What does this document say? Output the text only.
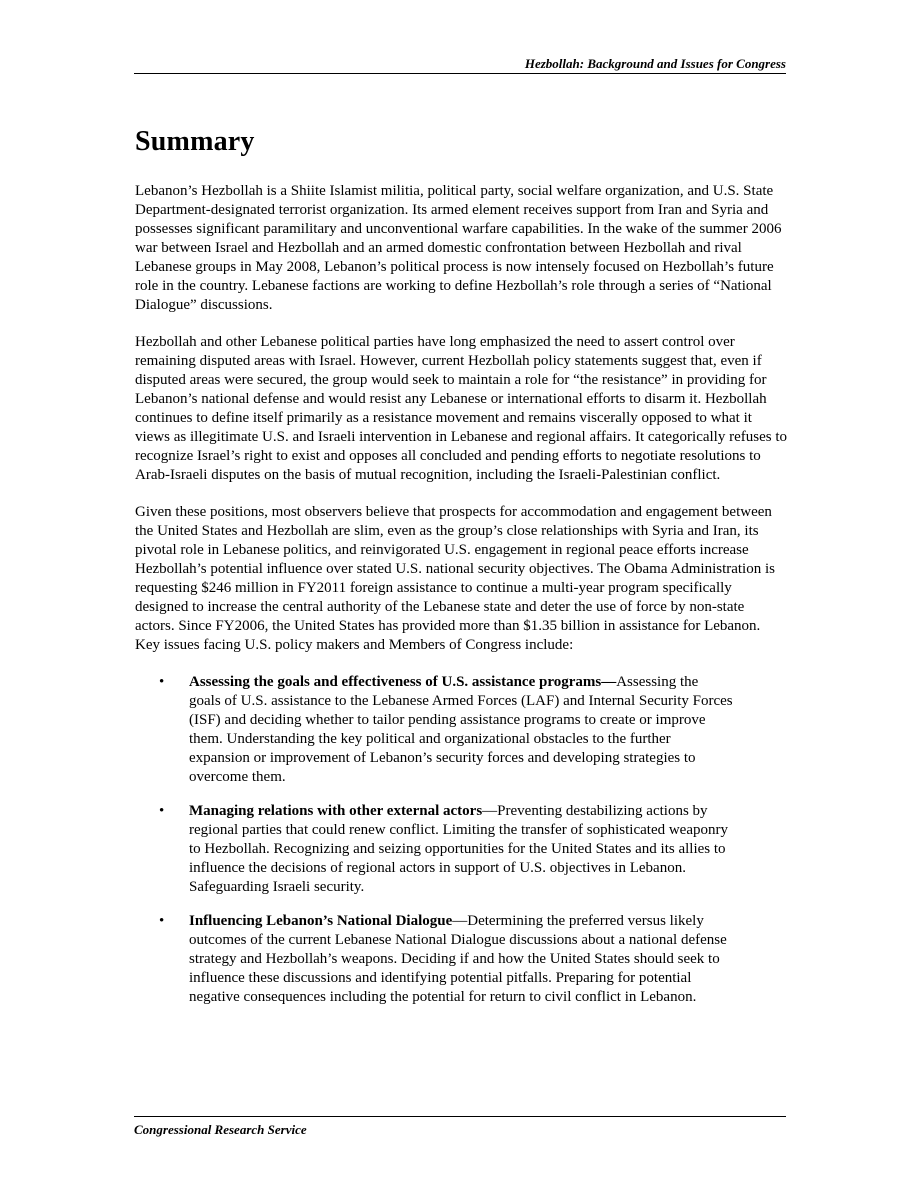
Hezbollah: Background and Issues for Congress
Summary

Lebanon’s Hezbollah is a Shiite Islamist militia, political party, social welfare organization, and U.S. State Department-designated terrorist organization. Its armed element receives support from Iran and Syria and possesses significant paramilitary and unconventional warfare capabilities. In the wake of the summer 2006 war between Israel and Hezbollah and an armed domestic confrontation between Hezbollah and rival Lebanese groups in May 2008, Lebanon’s political process is now intensely focused on Hezbollah’s future role in the country. Lebanese factions are working to define Hezbollah’s role through a series of “National Dialogue” discussions.

Hezbollah and other Lebanese political parties have long emphasized the need to assert control over remaining disputed areas with Israel. However, current Hezbollah policy statements suggest that, even if disputed areas were secured, the group would seek to maintain a role for “the resistance” in providing for Lebanon’s national defense and would resist any Lebanese or international efforts to disarm it. Hezbollah continues to define itself primarily as a resistance movement and remains viscerally opposed to what it views as illegitimate U.S. and Israeli intervention in Lebanese and regional affairs. It categorically refuses to recognize Israel’s right to exist and opposes all concluded and pending efforts to negotiate resolutions to Arab-Israeli disputes on the basis of mutual recognition, including the Israeli-Palestinian conflict.

Given these positions, most observers believe that prospects for accommodation and engagement between the United States and Hezbollah are slim, even as the group’s close relationships with Syria and Iran, its pivotal role in Lebanese politics, and reinvigorated U.S. engagement in regional peace efforts increase Hezbollah’s potential influence over stated U.S. national security objectives. The Obama Administration is requesting $246 million in FY2011 foreign assistance to continue a multi-year program specifically designed to increase the central authority of the Lebanese state and deter the use of force by non-state actors. Since FY2006, the United States has provided more than $1.35 billion in assistance for Lebanon. Key issues facing U.S. policy makers and Members of Congress include:

• Assessing the goals and effectiveness of U.S. assistance programs—Assessing the goals of U.S. assistance to the Lebanese Armed Forces (LAF) and Internal Security Forces (ISF) and deciding whether to tailor pending assistance programs to create or improve them. Understanding the key political and organizational obstacles to the further expansion or improvement of Lebanon’s security forces and developing strategies to overcome them.
• Managing relations with other external actors—Preventing destabilizing actions by regional parties that could renew conflict. Limiting the transfer of sophisticated weaponry to Hezbollah. Recognizing and seizing opportunities for the United States and its allies to influence the decisions of regional actors in support of U.S. objectives in Lebanon. Safeguarding Israeli security.
• Influencing Lebanon’s National Dialogue—Determining the preferred versus likely outcomes of the current Lebanese National Dialogue discussions about a national defense strategy and Hezbollah’s weapons. Deciding if and how the United States should seek to influence these discussions and identifying potential pitfalls. Preparing for potential negative consequences including the potential for return to civil conflict in Lebanon.
Congressional Research Service
